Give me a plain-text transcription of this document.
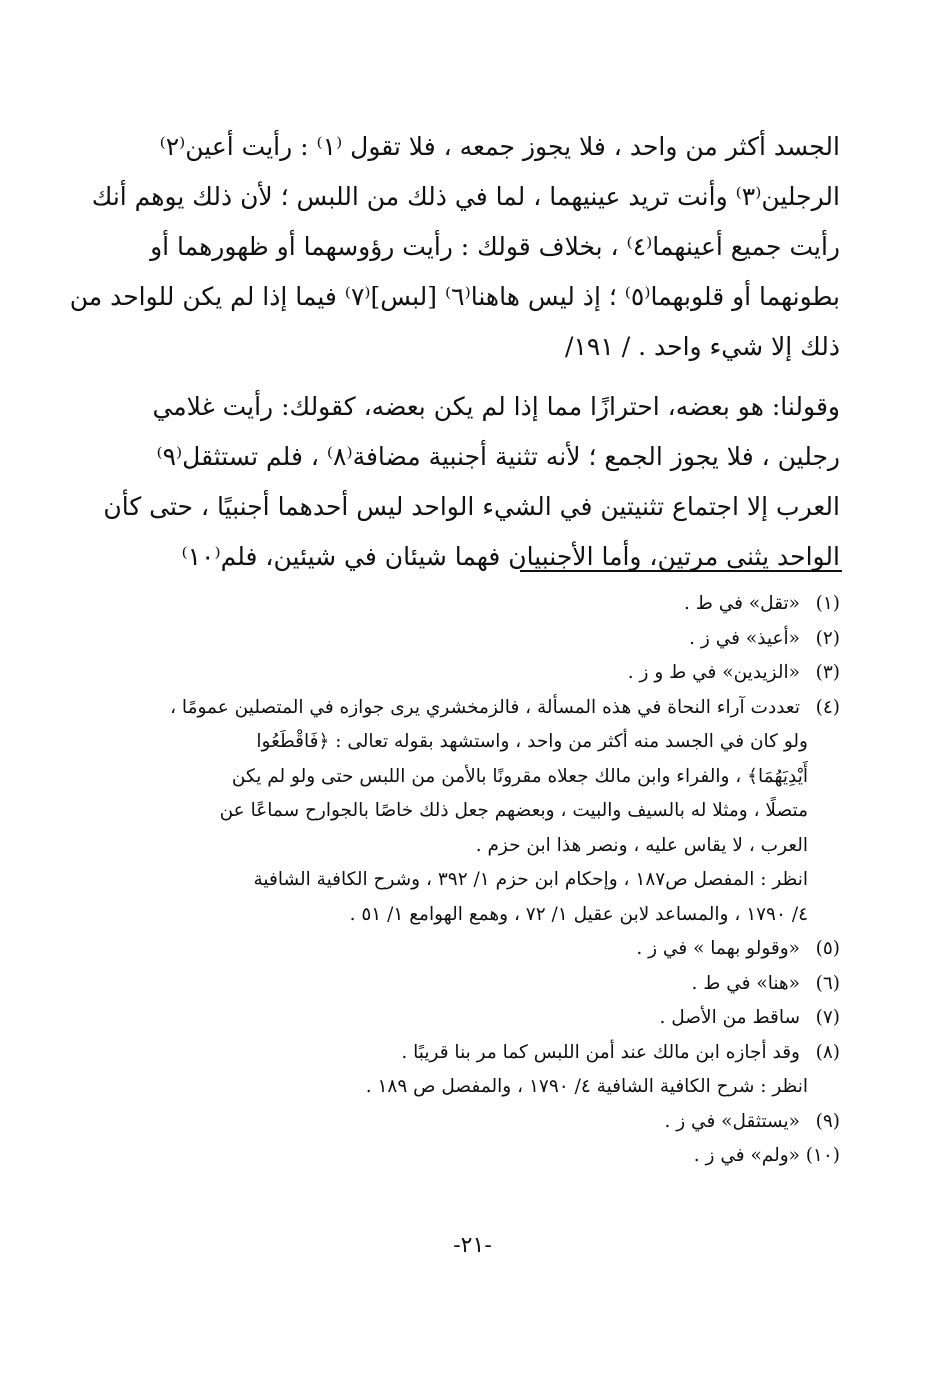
الجسد أكثر من واحد ، فلا يجوز جمعه ، فلا تقول ⁽١⁾ : رأيت أعين⁽٢⁾
الرجلين⁽٣⁾ وأنت تريد عينيهما ، لما في ذلك من اللبس ؛ لأن ذلك يوهم أنك
رأيت جميع أعينهما⁽٤⁾ ، بخلاف قولك : رأيت رؤوسهما أو ظهورهما أو
بطونهما أو قلوبهما⁽٥⁾ ؛ إذ ليس هاهنا⁽٦⁾ [لبس]⁽٧⁾ فيما إذا لم يكن للواحد من
ذلك إلا شيء واحد . / ١٩١/
وقولنا: هو بعضه، احترازًا مما إذا لم يكن بعضه، كقولك: رأيت غلامي
رجلين ، فلا يجوز الجمع ؛ لأنه تثنية أجنبية مضافة⁽٨⁾ ، فلم تستثقل⁽٩⁾
العرب إلا اجتماع تثنيتين في الشيء الواحد ليس أحدهما أجنبيًا ، حتى كأن
الواحد يثنى مرتين، وأما الأجنبيان فهما شيئان في شيئين، فلم⁽١٠⁾
(١)«تقل» في ط .
(٢)«أعيذ» في ز .
(٣)«الزيدين» في ط و ز .
(٤)تعددت آراء النحاة في هذه المسألة ، فالزمخشري يرى جوازه في المتصلين عمومًا ،
ولو كان في الجسد منه أكثر من واحد ، واستشهد بقوله تعالى : ﴿فَاقْطَعُوا
أَيْدِيَهُمَا﴾ ، والفراء وابن مالك جعلاه مقرونًا بالأمن من اللبس حتى ولو لم يكن
متصلًا ، ومثلا له بالسيف والبيت ، وبعضهم جعل ذلك خاصًا بالجوارح سماعًا عن
العرب ، لا يقاس عليه ، ونصر هذا ابن حزم .
انظر : المفصل ص١٨٧ ، وإحكام ابن حزم ١/ ٣٩٢ ، وشرح الكافية الشافية
٤/ ١٧٩٠ ، والمساعد لابن عقيل ١/ ٧٢ ، وهمع الهوامع ١/ ٥١ .
(٥)«وقولو بهما » في ز .
(٦)«هنا» في ط .
(٧)ساقط من الأصل .
(٨)وقد أجازه ابن مالك عند أمن اللبس كما مر بنا قريبًا .
انظر : شرح الكافية الشافية ٤/ ١٧٩٠ ، والمفصل ص ١٨٩ .
(٩)«يستثقل» في ز .
(١٠)«ولم» في ز .
-٢١-
